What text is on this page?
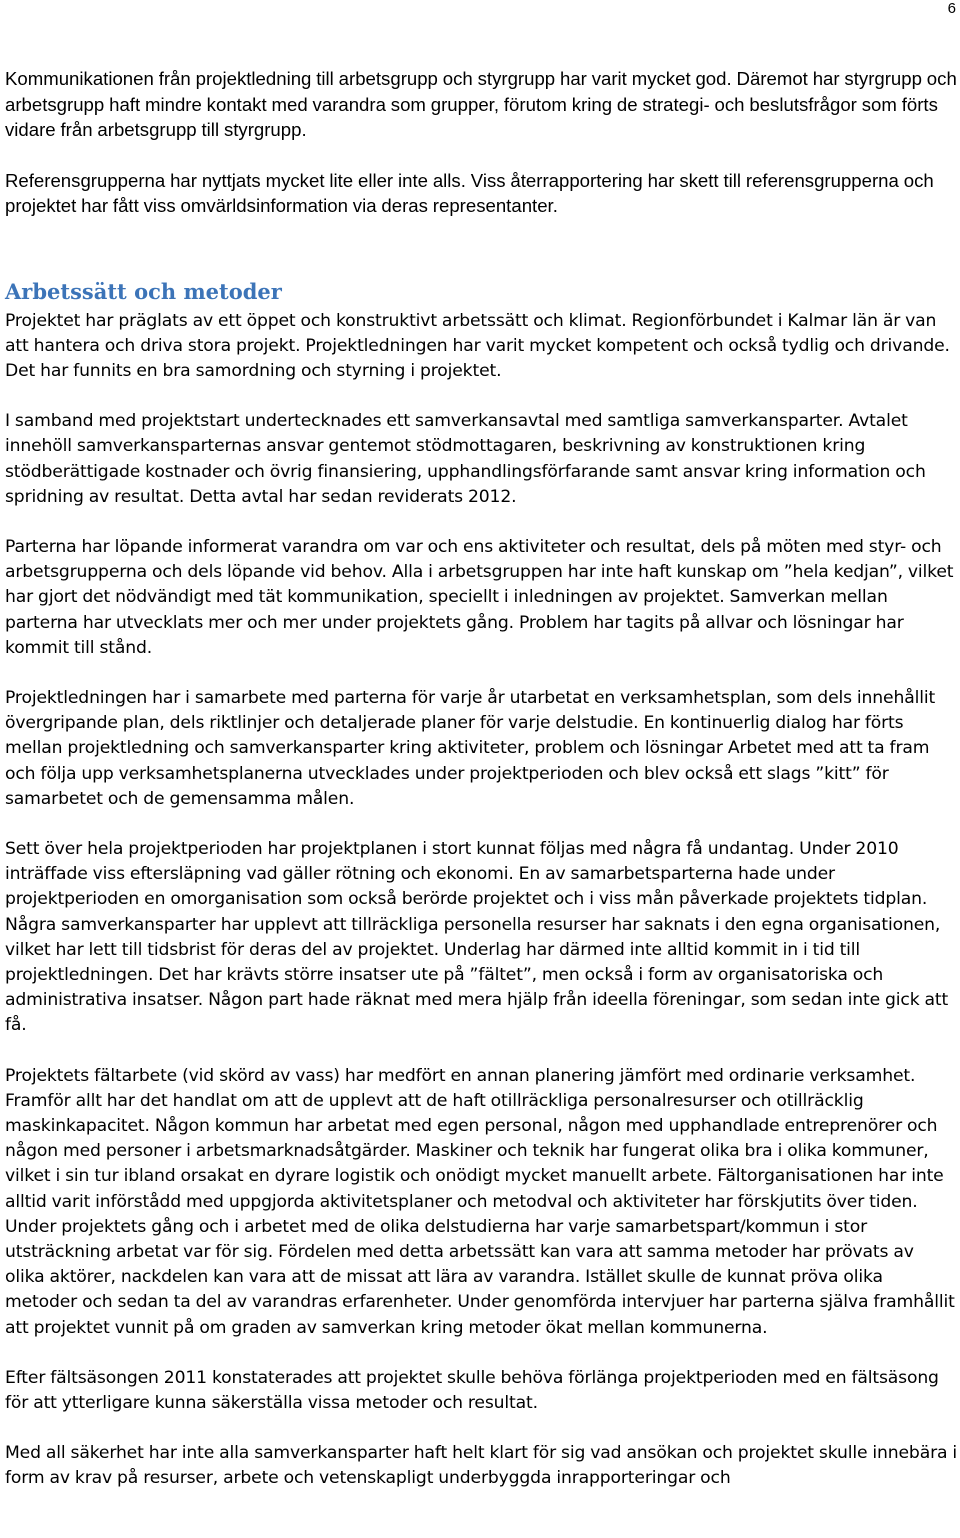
6

Kommunikationen från projektledning till arbetsgrupp och styrgrupp har varit mycket god. Däremot har styrgrupp och arbetsgrupp haft mindre kontakt med varandra som grupper, förutom kring de strategi- och beslutsfrågor som förts vidare från arbetsgrupp till styrgrupp.

Referensgrupperna har nyttjats mycket lite eller inte alls. Viss återrapportering har skett till referensgrupperna och projektet har fått viss omvärldsinformation via deras representanter.

Arbetssätt och metoder

Projektet har präglats av ett öppet och konstruktivt arbetssätt och klimat. Regionförbundet i Kalmar län är van att hantera och driva stora projekt. Projektledningen har varit mycket kompetent och också tydlig och drivande. Det har funnits en bra samordning och styrning i projektet.

I samband med projektstart undertecknades ett samverkansavtal med samtliga samverkansparter. Avtalet innehöll samverkansparternas ansvar gentemot stödmottagaren, beskrivning av konstruktionen kring stödberättigade kostnader och övrig finansiering, upphandlingsförfarande samt ansvar kring information och spridning av resultat. Detta avtal har sedan reviderats 2012.

Parterna har löpande informerat varandra om var och ens aktiviteter och resultat, dels på möten med styr- och arbetsgrupperna och dels löpande vid behov. Alla i arbetsgruppen har inte haft kunskap om ”hela kedjan”, vilket har gjort det nödvändigt med tät kommunikation, speciellt i inledningen av projektet. Samverkan mellan parterna har utvecklats mer och mer under projektets gång. Problem har tagits på allvar och lösningar har kommit till stånd.

Projektledningen har i samarbete med parterna för varje år utarbetat en verksamhetsplan, som dels innehållit övergripande plan, dels riktlinjer och detaljerade planer för varje delstudie. En kontinuerlig dialog har förts mellan projektledning och samverkansparter kring aktiviteter, problem och lösningar Arbetet med att ta fram och följa upp verksamhetsplanerna utvecklades under projektperioden och blev också ett slags ”kitt” för samarbetet och de gemensamma målen.

Sett över hela projektperioden har projektplanen i stort kunnat följas med några få undantag. Under 2010 inträffade viss eftersläpning vad gäller rötning och ekonomi. En av samarbetsparterna hade under projektperioden en omorganisation som också berörde projektet och i viss mån påverkade projektets tidplan. Några samverkansparter har upplevt att tillräckliga personella resurser har saknats i den egna organisationen, vilket har lett till tidsbrist för deras del av projektet. Underlag har därmed inte alltid kommit in i tid till projektledningen. Det har krävts större insatser ute på ”fältet”, men också i form av organisatoriska och administrativa insatser. Någon part hade räknat med mera hjälp från ideella föreningar, som sedan inte gick att få.

Projektets fältarbete (vid skörd av vass) har medfört en annan planering jämfört med ordinarie verksamhet. Framför allt har det handlat om att de upplevt att de haft otillräckliga personalresurser och otillräcklig maskinkapacitet. Någon kommun har arbetat med egen personal, någon med upphandlade entreprenörer och någon med personer i arbetsmarknadsåtgärder. Maskiner och teknik har fungerat olika bra i olika kommuner, vilket i sin tur ibland orsakat en dyrare logistik och onödigt mycket manuellt arbete. Fältorganisationen har inte alltid varit införstådd med uppgjorda aktivitetsplaner och metodval och aktiviteter har förskjutits över tiden. Under projektets gång och i arbetet med de olika delstudierna har varje samarbetspart/kommun i stor utsträckning arbetat var för sig. Fördelen med detta arbetssätt kan vara att samma metoder har prövats av olika aktörer, nackdelen kan vara att de missat att lära av varandra. Istället skulle de kunnat pröva olika metoder och sedan ta del av varandras erfarenheter. Under genomförda intervjuer har parterna själva framhållit att projektet vunnit på om graden av samverkan kring metoder ökat mellan kommunerna.

Efter fältsäsongen 2011 konstaterades att projektet skulle behöva förlänga projektperioden med en fältsäsong för att ytterligare kunna säkerställa vissa metoder och resultat.

Med all säkerhet har inte alla samverkansparter haft helt klart för sig vad ansökan och projektet skulle innebära i form av krav på resurser, arbete och vetenskapligt underbyggda inrapporteringar och
